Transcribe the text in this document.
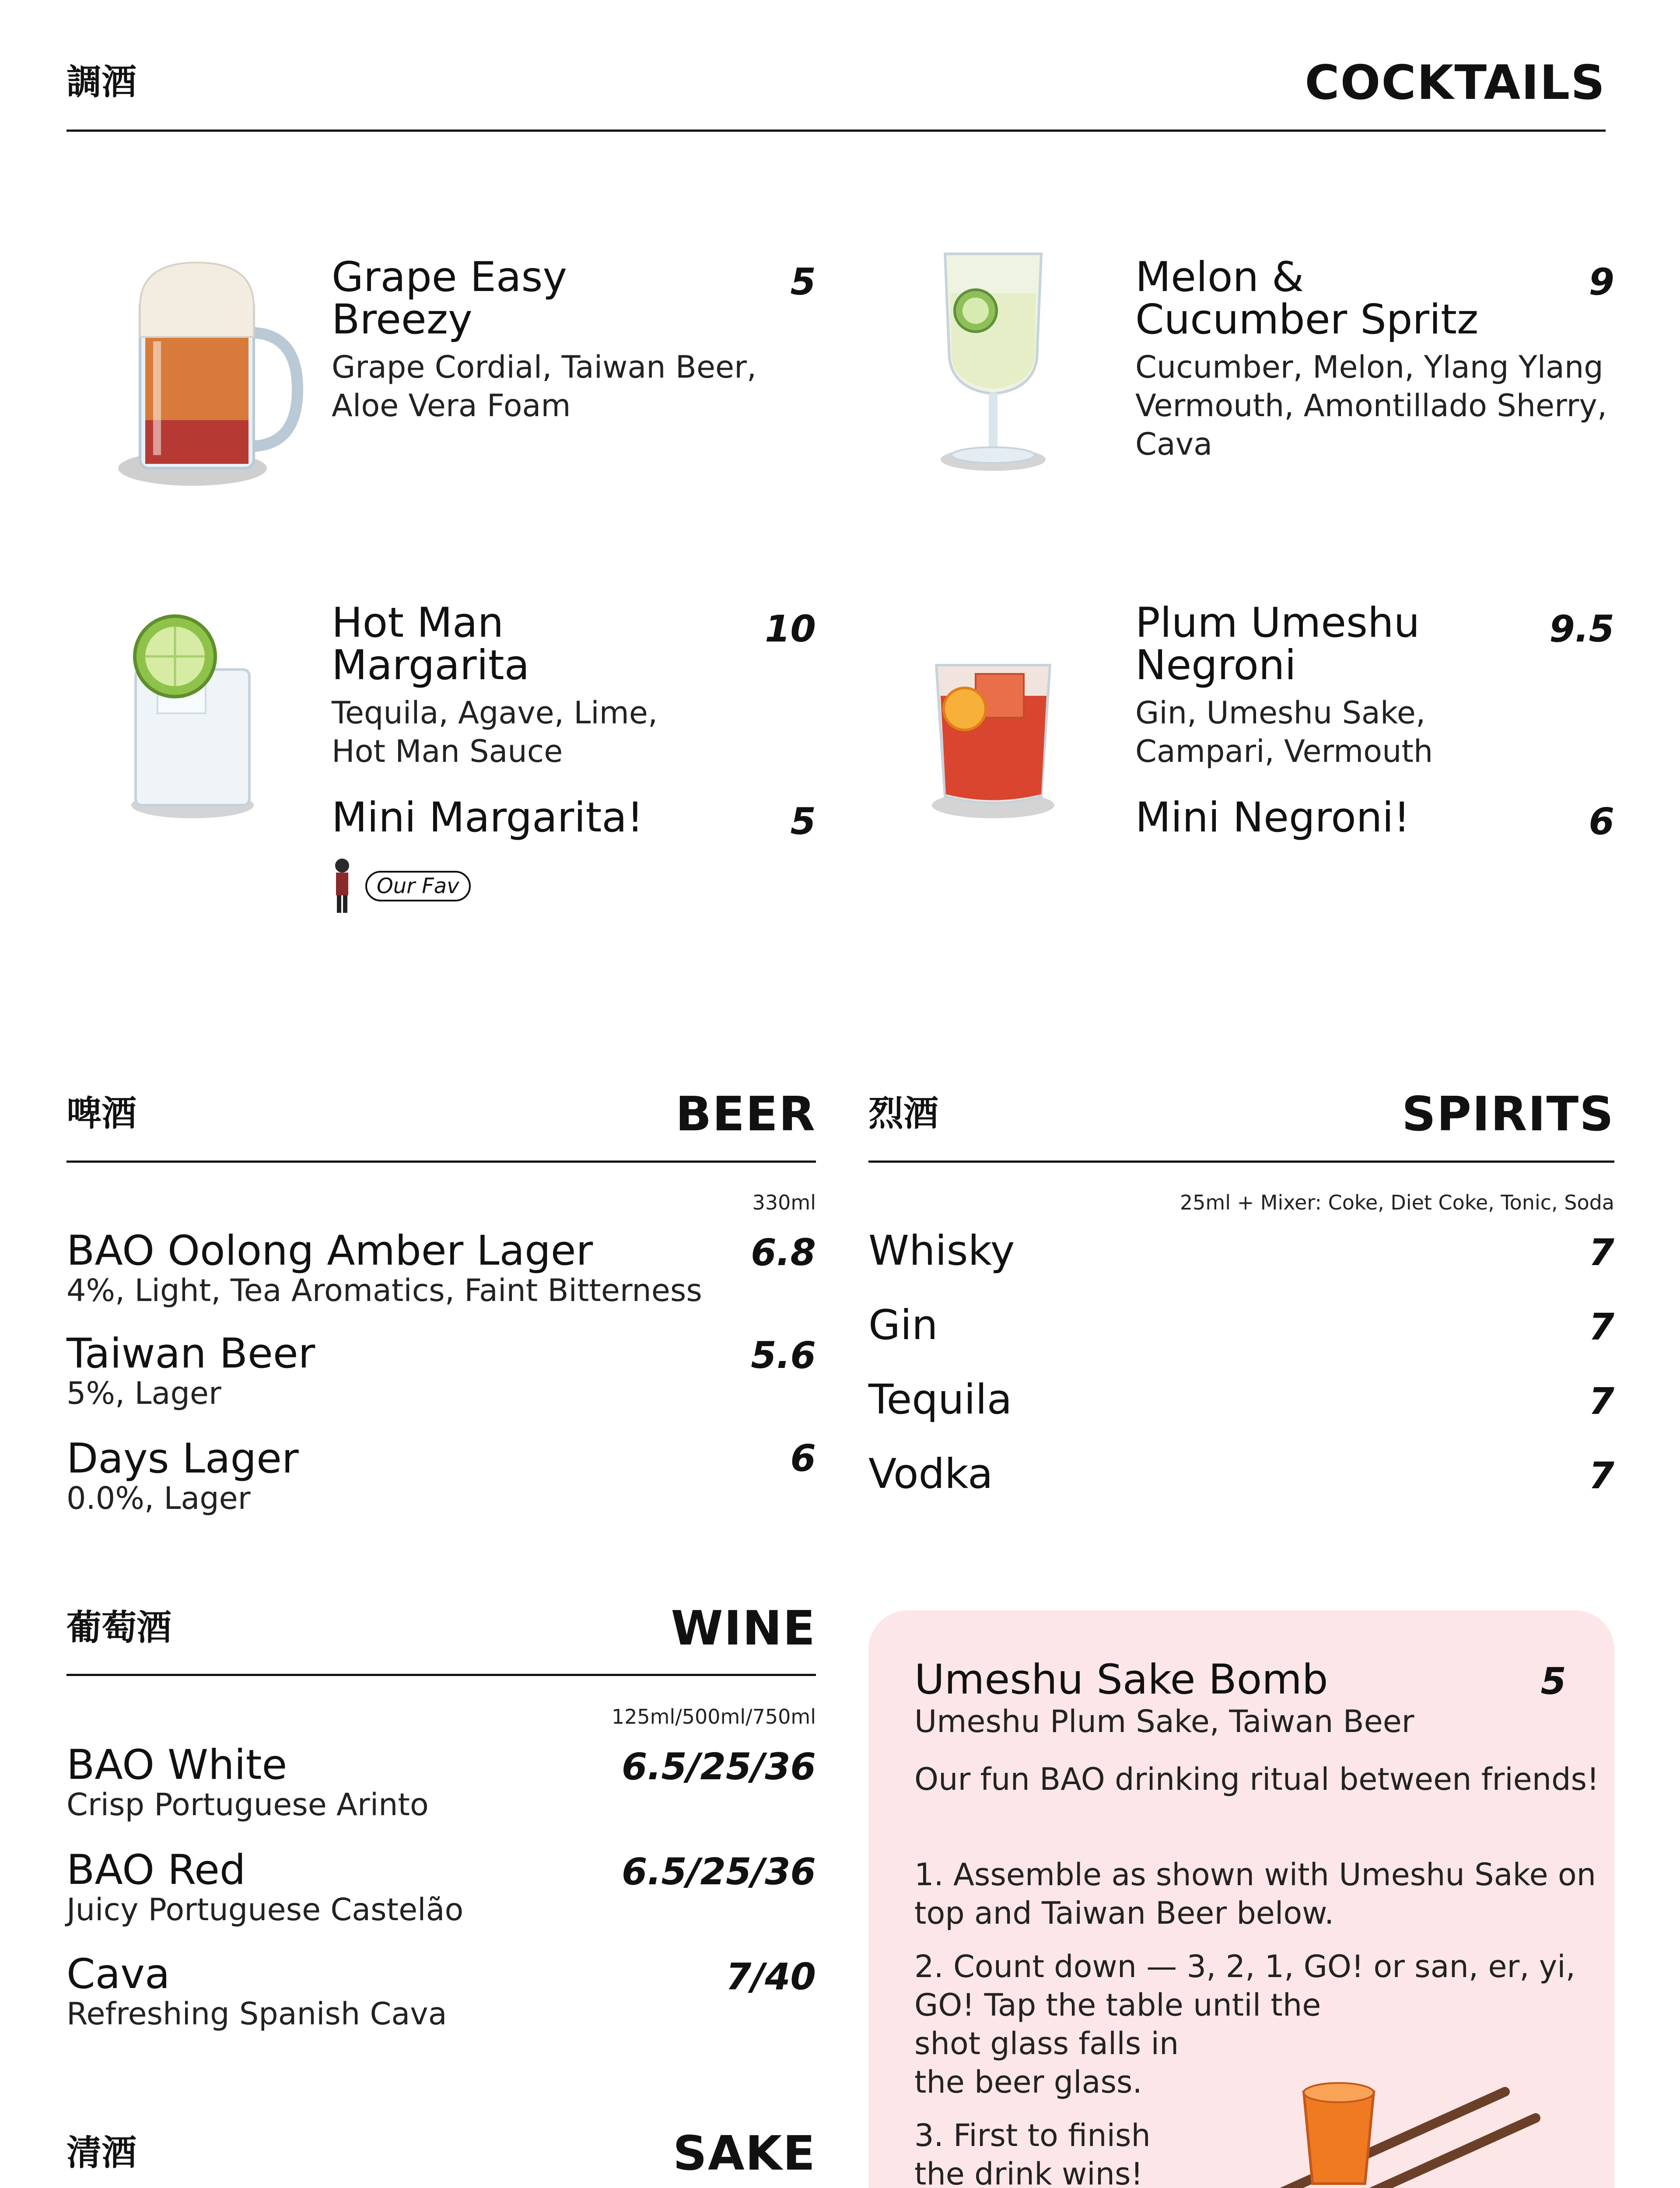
調酒	COCKTAILS
Grape Easy
Breezy
Grape Cordial, Taiwan Beer,
Aloe Vera Foam
5	Melon &
Cucumber Spritz
Cucumber, Melon, Ylang Ylang
Vermouth, Amontillado Sherry,
Cava
9
Hot Man
Margarita
Tequila, Agave, Lime,
Hot Man Sauce
10
Mini Margarita!	5
Our Fav
Plum Umeshu
Negroni
Gin, Umeshu Sake,
Campari, Vermouth
9.5
Mini Negroni!	6
啤酒	BEER
330ml
BAO Oolong Amber Lager
4%, Light, Tea Aromatics, Faint Bitterness
6.8
Taiwan Beer
5%, Lager
5.6
Days Lager
0.0%, Lager
6
烈酒	SPIRITS
25ml + Mixer: Coke, Diet Coke, Tonic, Soda
Whisky	7
Gin	7
Tequila	7
Vodka	7
葡萄酒	WINE
125ml/500ml/750ml
BAO White
Crisp Portuguese Arinto
6.5/25/36
BAO Red
Juicy Portuguese Castelão
6.5/25/36
Cava
Refreshing Spanish Cava
7/40
清酒	SAKE
Umeshu Sake Bomb	5
Umeshu Plum Sake, Taiwan Beer
Our fun BAO drinking ritual between friends!
1. Assemble as shown with Umeshu Sake on
top and Taiwan Beer below.
2. Count down — 3, 2, 1, GO! or san, er, yi,
GO! Tap the table until the
shot glass falls in
the beer glass.
3. First to finish
the drink wins!
